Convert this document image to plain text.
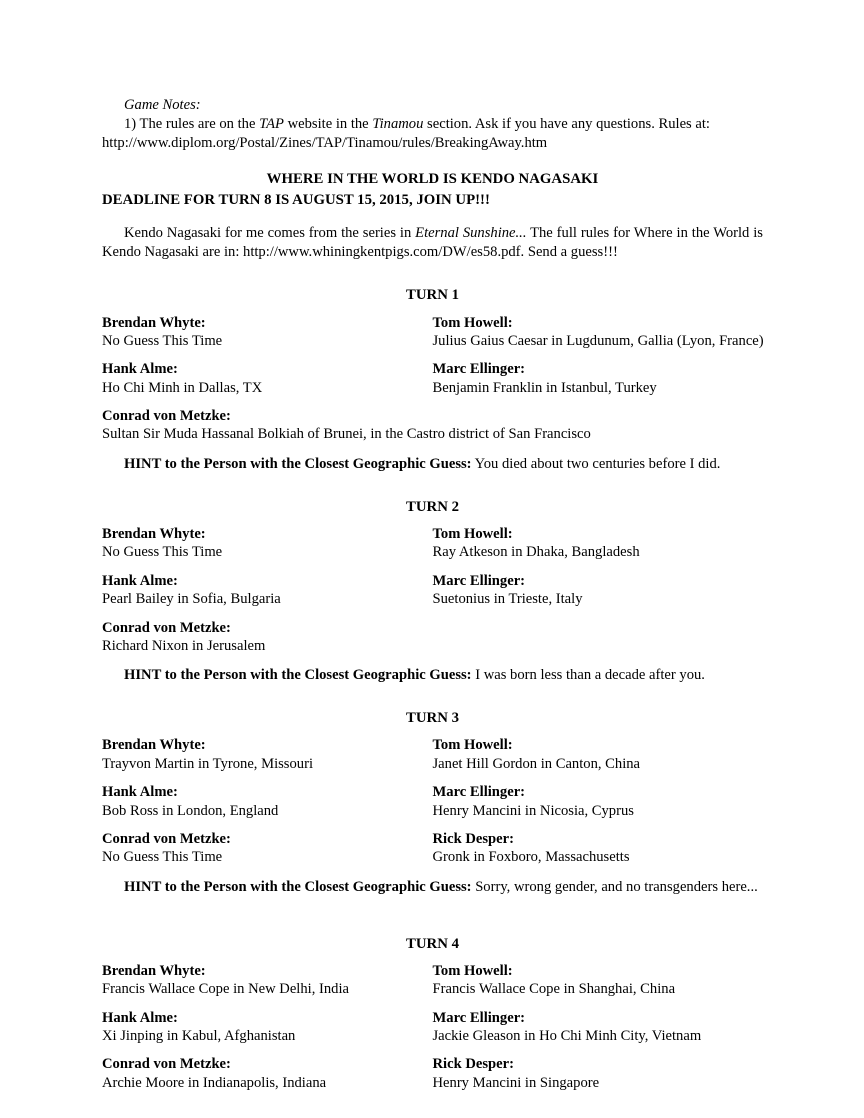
Game Notes:

1) The rules are on the TAP website in the Tinamou section. Ask if you have any questions. Rules at:

http://www.diplom.org/Postal/Zines/TAP/Tinamou/rules/BreakingAway.htm

WHERE IN THE WORLD IS KENDO NAGASAKI
DEADLINE FOR TURN 8 IS AUGUST 15, 2015, JOIN UP!!!

Kendo Nagasaki for me comes from the series in Eternal Sunshine... The full rules for Where in the World is Kendo Nagasaki are in: http://www.whiningkentpigs.com/DW/es58.pdf. Send a guess!!!

TURN 1
Brendan Whyte:
No Guess This Time
Tom Howell:
Julius Gaius Caesar in Lugdunum, Gallia (Lyon, France)
Hank Alme:
Ho Chi Minh in Dallas, TX
Marc Ellinger:
Benjamin Franklin in Istanbul, Turkey
Conrad von Metzke:
Sultan Sir Muda Hassanal Bolkiah of Brunei, in the Castro district of San Francisco

HINT to the Person with the Closest Geographic Guess: You died about two centuries before I did.

TURN 2
Brendan Whyte:
No Guess This Time
Tom Howell:
Ray Atkeson in Dhaka, Bangladesh
Hank Alme:
Pearl Bailey in Sofia, Bulgaria
Marc Ellinger:
Suetonius in Trieste, Italy
Conrad von Metzke:
Richard Nixon in Jerusalem

HINT to the Person with the Closest Geographic Guess: I was born less than a decade after you.

TURN 3
Brendan Whyte:
Trayvon Martin in Tyrone, Missouri
Tom Howell:
Janet Hill Gordon in Canton, China
Hank Alme:
Bob Ross in London, England
Marc Ellinger:
Henry Mancini in Nicosia, Cyprus
Conrad von Metzke:
No Guess This Time
Rick Desper:
Gronk in Foxboro, Massachusetts

HINT to the Person with the Closest Geographic Guess: Sorry, wrong gender, and no transgenders here...

TURN 4
Brendan Whyte:
Francis Wallace Cope in New Delhi, India
Tom Howell:
Francis Wallace Cope in Shanghai, China
Hank Alme:
Xi Jinping in Kabul, Afghanistan
Marc Ellinger:
Jackie Gleason in Ho Chi Minh City, Vietnam
Conrad von Metzke:
Archie Moore in Indianapolis, Indiana
Rick Desper:
Henry Mancini in Singapore
